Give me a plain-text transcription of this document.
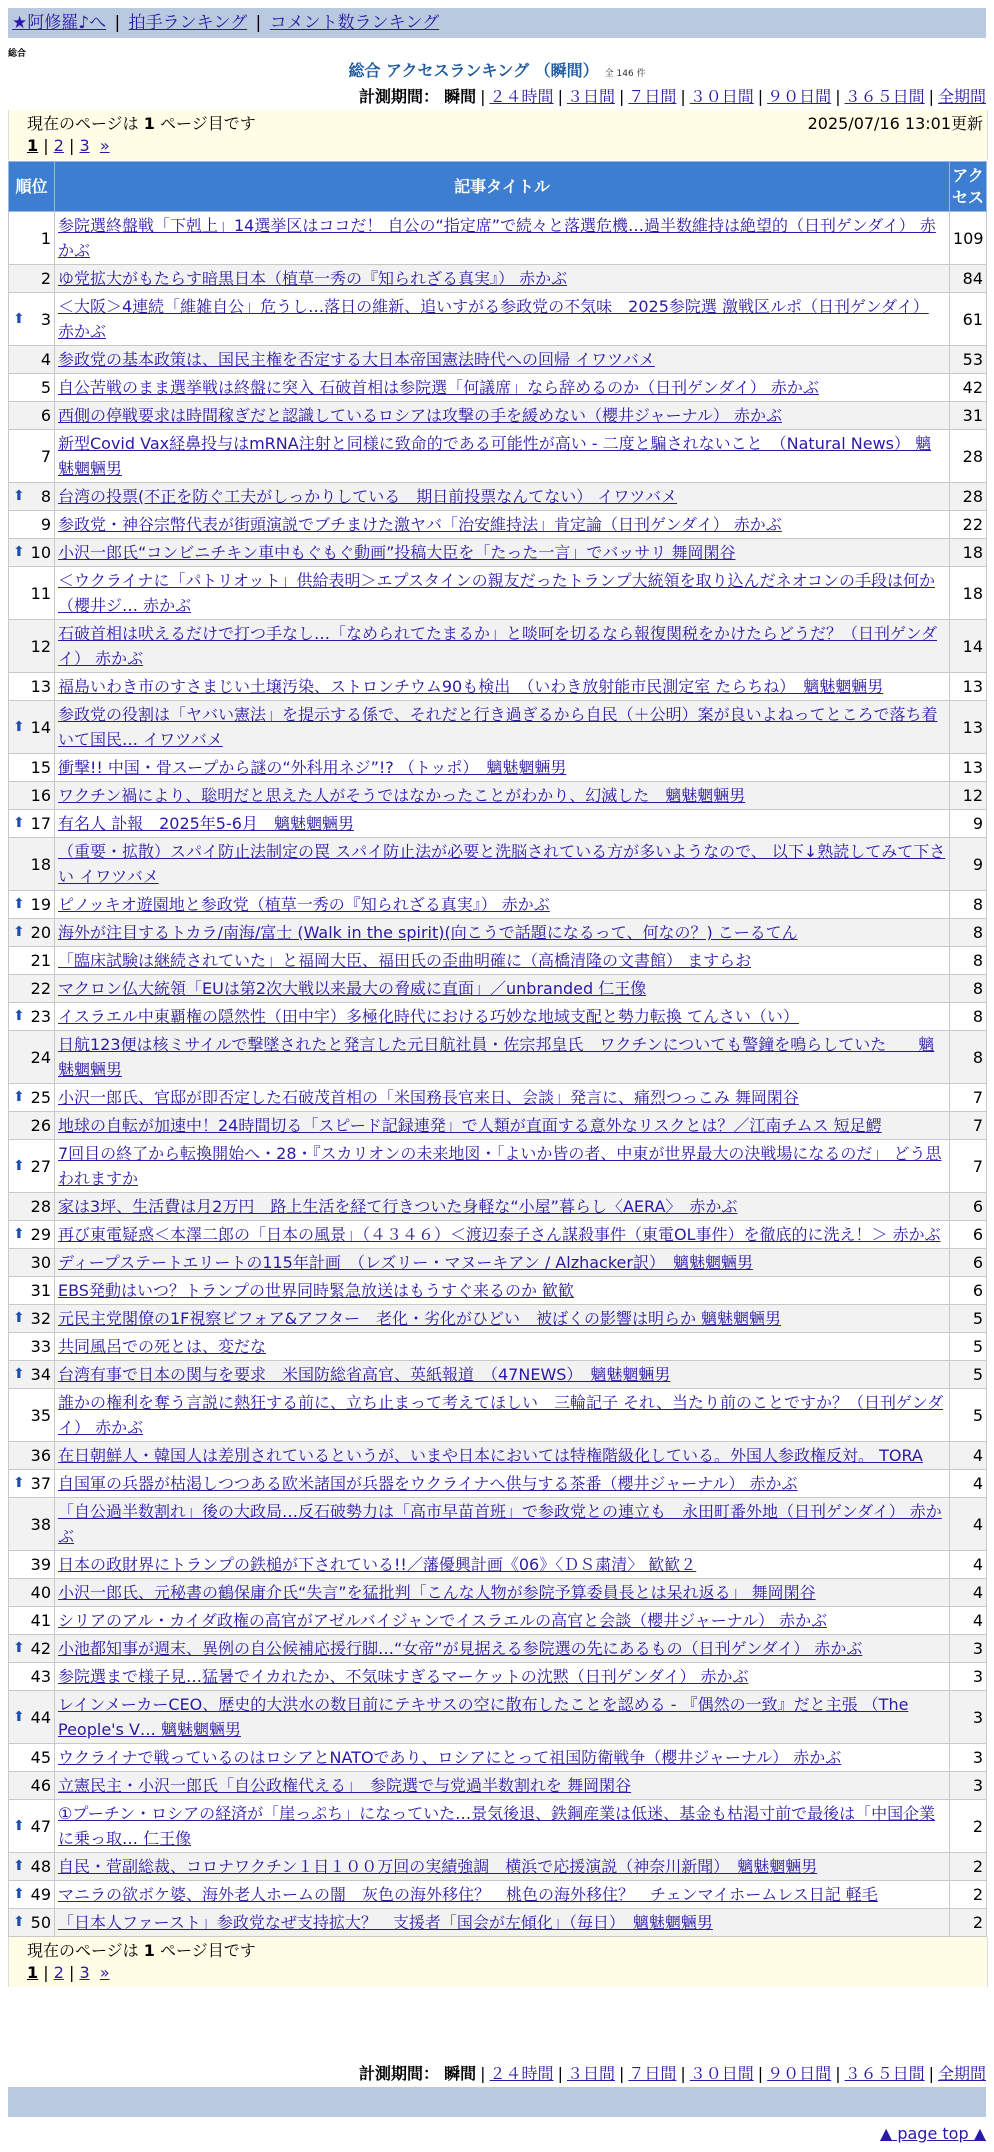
★阿修羅♪へ | 拍手ランキング | コメント数ランキング
総合
総合 アクセスランキング （瞬間） 全 146 件
計測期間： 瞬間 | ２４時間 | ３日間 | ７日間 | ３０日間 | ９０日間 | ３６５日間 | 全期間
現在のページは 1 ページ目です	2025/07/16 13:01更新
1 | 2 | 3 »
順位	記事タイトル	アクセス
1	参院選終盤戦「下剋上」14選挙区はココだ！ 自公の“指定席”で続々と落選危機…過半数維持は絶望的（日刊ゲンダイ） 赤かぶ	109
2	ゆ党拡大がもたらす暗黒日本（植草一秀の『知られざる真実』） 赤かぶ	84

⬆ 3	＜大阪＞4連続「維雑自公」危うし…落日の維新、追いすがる参政党の不気味　2025参院選 激戦区ルポ（日刊ゲンダイ） 赤かぶ	61
4	参政党の基本政策は、国民主権を否定する大日本帝国憲法時代への回帰 イワツバメ	53
5	自公苦戦のまま選挙戦は終盤に突入 石破首相は参院選「何議席」なら辞めるのか（日刊ゲンダイ） 赤かぶ	42
6	西側の停戦要求は時間稼ぎだと認識しているロシアは攻撃の手を緩めない（櫻井ジャーナル） 赤かぶ	31
7	新型Covid Vax経鼻投与はmRNA注射と同様に致命的である可能性が高い - 二度と騙されないこと　（Natural News） 魑魅魍魎男	28

⬆ 8	台湾の投票(不正を防ぐ工夫がしっかりしている　期日前投票なんてない） イワツバメ	28
9	参政党・神谷宗幣代表が街頭演説でブチまけた激ヤバ「治安維持法」肯定論（日刊ゲンダイ） 赤かぶ	22

⬆ 10	小沢一郎氏“コンビニチキン車中もぐもぐ動画”投稿大臣を「たった一言」でバッサリ 舞岡閑谷	18
11	＜ウクライナに「パトリオット」供給表明＞エプスタインの親友だったトランプ大統領を取り込んだネオコンの手段は何か（櫻井ジ… 赤かぶ	18
12	石破首相は吠えるだけで打つ手なし…「なめられてたまるか」と啖呵を切るなら報復関税をかけたらどうだ？（日刊ゲンダイ） 赤かぶ	14
13	福島いわき市のすさまじい土壌汚染、ストロンチウム90も検出　（いわき放射能市民測定室 たらちね）　魑魅魍魎男	13

⬆ 14	参政党の役割は「ヤバい憲法」を提示する係で、それだと行き過ぎるから自民（＋公明）案が良いよねってところで落ち着いて国民… イワツバメ	13
15	衝撃!! 中国・骨スープから謎の“外科用ネジ”!? （トッポ）　魑魅魍魎男	13
16	ワクチン禍により、聡明だと思えた人がそうではなかったことがわかり、幻滅した　魑魅魍魎男	12

⬆ 17	有名人 訃報　2025年5-6月　魑魅魍魎男	9
18	（重要・拡散）スパイ防止法制定の罠 スパイ防止法が必要と洗脳されている方が多いようなので、 以下↓熟読してみて下さい イワツバメ	9

⬆ 19	ピノッキオ遊園地と参政党（植草一秀の『知られざる真実』） 赤かぶ	8

⬆ 20	海外が注目するトカラ/南海/富士 (Walk in the spirit)(向こうで話題になるって、何なの？) こーるてん	8
21	「臨床試験は継続されていた」と福岡大臣、福田氏の歪曲明確に（高橋清隆の文書館） ますらお	8
22	マクロン仏大統領「EUは第2次大戦以来最大の脅威に直面」／unbranded 仁王像	8

⬆ 23	イスラエル中東覇権の隠然性（田中宇）多極化時代における巧妙な地域支配と勢力転換 てんさい（い）	8
24	日航123便は核ミサイルで撃墜されたと発言した元日航社員・佐宗邦皇氏　ワクチンについても警鐘を鳴らしていた　　魑魅魍魎男	8

⬆ 25	小沢一郎氏、官邸が即否定した石破茂首相の「米国務長官来日、会談」発言に、痛烈つっこみ 舞岡閑谷	7
26	地球の自転が加速中！24時間切る「スピード記録連発」で人類が直面する意外なリスクとは？／江南チムス 短足鰐	7

⬆ 27	7回目の終了から転換開始へ・28・『スカリオンの未来地図・「よいか皆の者、中東が世界最大の決戦場になるのだ」 どう思われますか	7
28	家は3坪、生活費は月2万円　路上生活を経て行きついた身軽な“小屋”暮らし〈AERA〉　赤かぶ	6

⬆ 29	再び東電疑惑＜本澤二郎の「日本の風景」（４３４６）＜渡辺泰子さん謀殺事件（東電OL事件）を徹底的に洗え！＞ 赤かぶ	6
30	ディープステートエリートの115年計画　（レズリー・マヌーキアン / Alzhacker訳）　魑魅魍魎男	6
31	EBS発動はいつ？トランプの世界同時緊急放送はもうすぐ来るのか 歓歓	6

⬆ 32	元民主党閣僚の1F視察ビフォア&アフター　老化・劣化がひどい　被ばくの影響は明らか 魑魅魍魎男	5
33	共同風呂での死とは、変だな	5

⬆ 34	台湾有事で日本の関与を要求　米国防総省高官、英紙報道　（47NEWS）　魑魅魍魎男	5
35	誰かの権利を奪う言説に熱狂する前に、立ち止まって考えてほしい　三輪記子 それ、当たり前のことですか？（日刊ゲンダイ） 赤かぶ	5
36	在日朝鮮人・韓国人は差別されているというが、いまや日本においては特権階級化している。外国人参政権反対。 TORA	4

⬆ 37	自国軍の兵器が枯渇しつつある欧米諸国が兵器をウクライナへ供与する茶番（櫻井ジャーナル） 赤かぶ	4
38	「自公過半数割れ」後の大政局…反石破勢力は「高市早苗首班」で参政党との連立も　永田町番外地（日刊ゲンダイ） 赤かぶ	4
39	日本の政財界にトランプの鉄槌が下されている!!／藩優興計画《06》〈ＤＳ粛清〉 歓歓２	4
40	小沢一郎氏、元秘書の鶴保庸介氏“失言”を猛批判「こんな人物が参院予算委員長とは呆れ返る」 舞岡閑谷	4
41	シリアのアル・カイダ政権の高官がアゼルバイジャンでイスラエルの高官と会談（櫻井ジャーナル） 赤かぶ	4

⬆ 42	小池都知事が週末、異例の自公候補応援行脚…“女帝”が見据える参院選の先にあるもの（日刊ゲンダイ） 赤かぶ	3
43	参院選まで様子見…猛暑でイカれたか、不気味すぎるマーケットの沈黙（日刊ゲンダイ） 赤かぶ	3

⬆ 44	レインメーカーCEO、歴史的大洪水の数日前にテキサスの空に散布したことを認める - 『偶然の一致』だと主張 （The People's V… 魑魅魍魎男	3
45	ウクライナで戦っているのはロシアとNATOであり、ロシアにとって祖国防衛戦争（櫻井ジャーナル） 赤かぶ	3
46	立憲民主・小沢一郎氏「自公政権代える」　参院選で与党過半数割れを 舞岡閑谷	3

⬆ 47	①プーチン・ロシアの経済が「崖っぷち」になっていた…景気後退、鉄鋼産業は低迷、基金も枯渇寸前で最後は「中国企業に乗っ取… 仁王像	2

⬆ 48	自民・菅副総裁、コロナワクチン１日１００万回の実績強調　横浜で応援演説（神奈川新聞）　魑魅魍魎男	2

⬆ 49	マニラの欲ボケ婆、海外老人ホームの闇　灰色の海外移住？　桃色の海外移住？　チェンマイホームレス日記 軽毛	2

⬆ 50	「日本人ファースト」参政党なぜ支持拡大？　支援者「国会が左傾化」（毎日）　魑魅魍魎男	2
計測期間： 瞬間 | ２４時間 | ３日間 | ７日間 | ３０日間 | ９０日間 | ３６５日間 | 全期間
▲ page top ▲
現在のページは 1 ページ目です
1 | 2 | 3 »
